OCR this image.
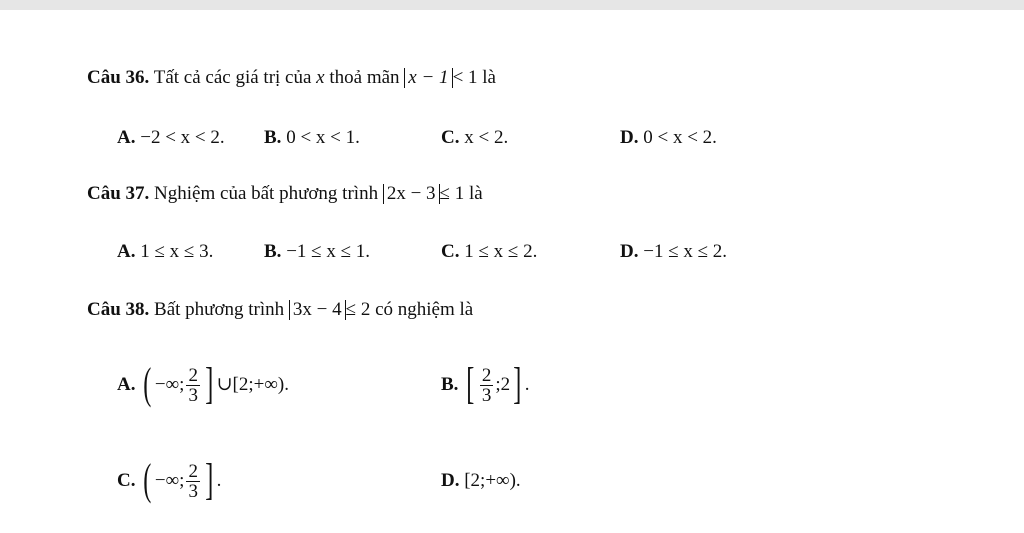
Câu 36. Tất cả các giá trị của x thoả mãn x − 1 < 1 là
A. −2 < x < 2. B. 0 < x < 1.	C. x < 2.	D. 0 < x < 2.
Câu 37. Nghiệm của bất phương trình 2x − 3 ≤ 1 là
A. 1 ≤ x ≤ 3.	B. −1 ≤ x ≤ 1.	C. 1 ≤ x ≤ 2.	D. −1 ≤ x ≤ 2.
Câu 38. Bất phương trình 3x − 4 ≤ 2 có nghiệm là
A. ( −∞; $\frac{2}{3}$ ] ∪[2;+∞).	B. [ $\frac{2}{3}$ ;2] .
C. ( −∞; $\frac{2}{3}$ ] .	D. [2;+∞).
